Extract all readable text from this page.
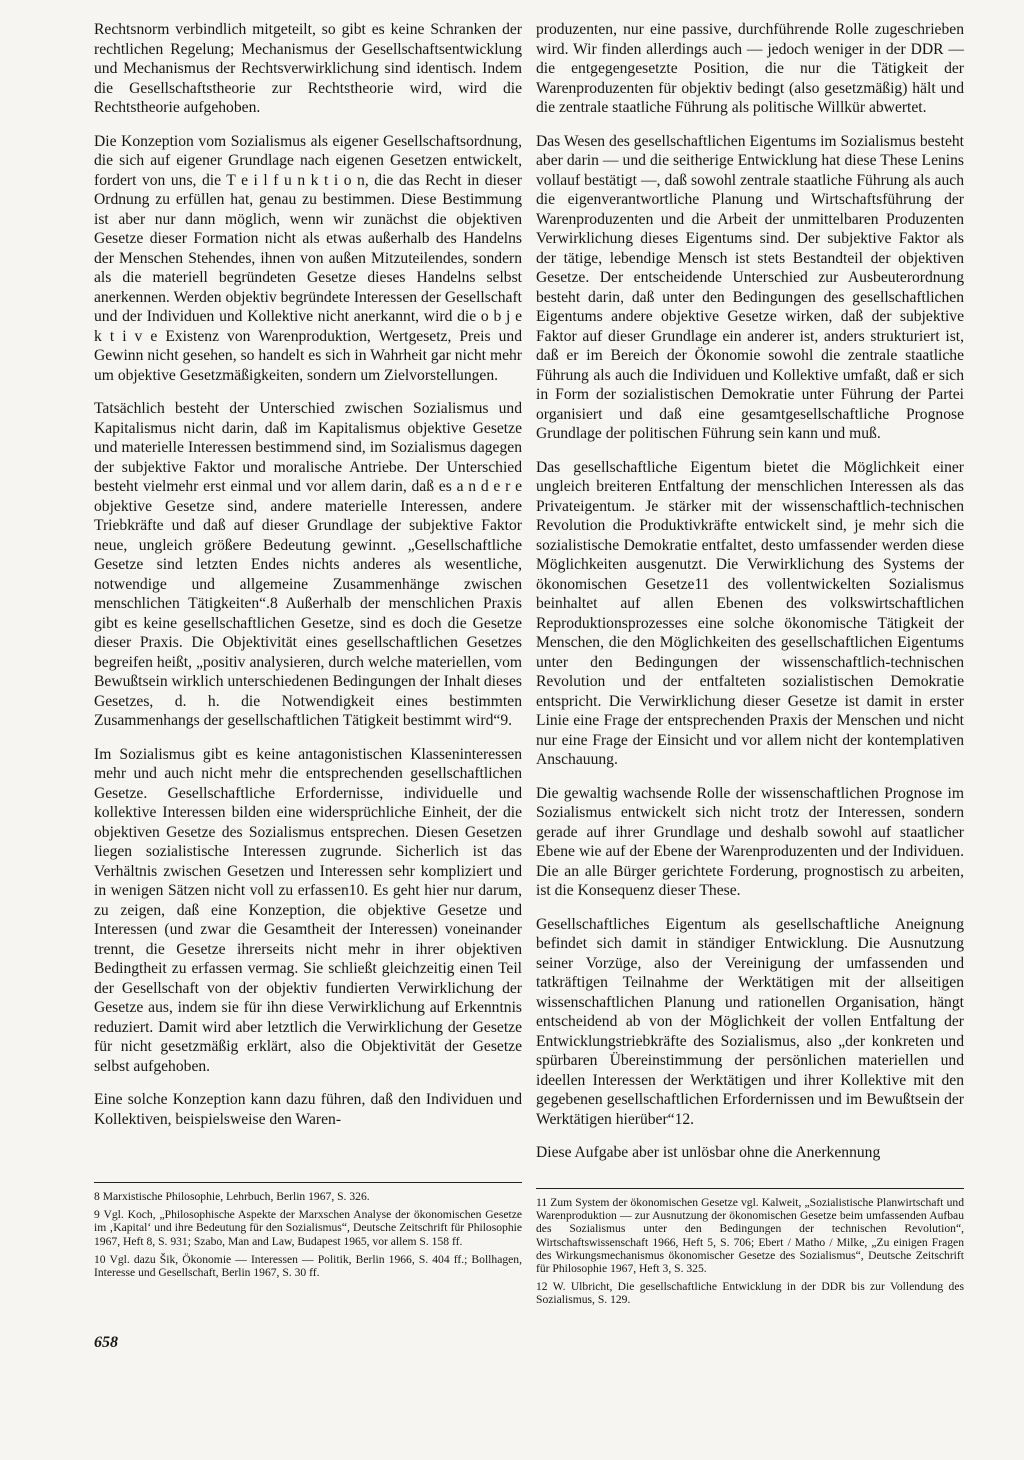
Rechtsnorm verbindlich mitgeteilt, so gibt es keine Schranken der rechtlichen Regelung; Mechanismus der Gesellschaftsentwicklung und Mechanismus der Rechtsverwirklichung sind identisch. Indem die Gesellschaftstheorie zur Rechtstheorie wird, wird die Rechtstheorie aufgehoben.

Die Konzeption vom Sozialismus als eigener Gesellschaftsordnung, die sich auf eigener Grundlage nach eigenen Gesetzen entwickelt, fordert von uns, die T e i l f u n k t i o n, die das Recht in dieser Ordnung zu erfüllen hat, genau zu bestimmen. Diese Bestimmung ist aber nur dann möglich, wenn wir zunächst die objektiven Gesetze dieser Formation nicht als etwas außerhalb des Handelns der Menschen Stehendes, ihnen von außen Mitzuteilendes, sondern als die materiell begründeten Gesetze dieses Handelns selbst anerkennen. Werden objektiv begründete Interessen der Gesellschaft und der Individuen und Kollektive nicht anerkannt, wird die o b j e k t i v e Existenz von Warenproduktion, Wertgesetz, Preis und Gewinn nicht gesehen, so handelt es sich in Wahrheit gar nicht mehr um objektive Gesetzmäßigkeiten, sondern um Zielvorstellungen.

Tatsächlich besteht der Unterschied zwischen Sozialismus und Kapitalismus nicht darin, daß im Kapitalismus objektive Gesetze und materielle Interessen bestimmend sind, im Sozialismus dagegen der subjektive Faktor und moralische Antriebe. Der Unterschied besteht vielmehr erst einmal und vor allem darin, daß es a n d e r e objektive Gesetze sind, andere materielle Interessen, andere Triebkräfte und daß auf dieser Grundlage der subjektive Faktor neue, ungleich größere Bedeutung gewinnt. „Gesellschaftliche Gesetze sind letzten Endes nichts anderes als wesentliche, notwendige und allgemeine Zusammenhänge zwischen menschlichen Tätigkeiten“.8 Außerhalb der menschlichen Praxis gibt es keine gesellschaftlichen Gesetze, sind es doch die Gesetze dieser Praxis. Die Objektivität eines gesellschaftlichen Gesetzes begreifen heißt, „positiv analysieren, durch welche materiellen, vom Bewußtsein wirklich unterschiedenen Bedingungen der Inhalt dieses Gesetzes, d. h. die Notwendigkeit eines bestimmten Zusammenhangs der gesellschaftlichen Tätigkeit bestimmt wird“9.

Im Sozialismus gibt es keine antagonistischen Klasseninteressen mehr und auch nicht mehr die entsprechenden gesellschaftlichen Gesetze. Gesellschaftliche Erfordernisse, individuelle und kollektive Interessen bilden eine widersprüchliche Einheit, der die objektiven Gesetze des Sozialismus entsprechen. Diesen Gesetzen liegen sozialistische Interessen zugrunde. Sicherlich ist das Verhältnis zwischen Gesetzen und Interessen sehr kompliziert und in wenigen Sätzen nicht voll zu erfassen10. Es geht hier nur darum, zu zeigen, daß eine Konzeption, die objektive Gesetze und Interessen (und zwar die Gesamtheit der Interessen) voneinander trennt, die Gesetze ihrerseits nicht mehr in ihrer objektiven Bedingtheit zu erfassen vermag. Sie schließt gleichzeitig einen Teil der Gesellschaft von der objektiv fundierten Verwirklichung der Gesetze aus, indem sie für ihn diese Verwirklichung auf Erkenntnis reduziert. Damit wird aber letztlich die Verwirklichung der Gesetze für nicht gesetzmäßig erklärt, also die Objektivität der Gesetze selbst aufgehoben.

Eine solche Konzeption kann dazu führen, daß den Individuen und Kollektiven, beispielsweise den Waren-

produzenten, nur eine passive, durchführende Rolle zugeschrieben wird. Wir finden allerdings auch — jedoch weniger in der DDR — die entgegengesetzte Position, die nur die Tätigkeit der Warenproduzenten für objektiv bedingt (also gesetzmäßig) hält und die zentrale staatliche Führung als politische Willkür abwertet.

Das Wesen des gesellschaftlichen Eigentums im Sozialismus besteht aber darin — und die seitherige Entwicklung hat diese These Lenins vollauf bestätigt —, daß sowohl zentrale staatliche Führung als auch die eigenverantwortliche Planung und Wirtschaftsführung der Warenproduzenten und die Arbeit der unmittelbaren Produzenten Verwirklichung dieses Eigentums sind. Der subjektive Faktor als der tätige, lebendige Mensch ist stets Bestandteil der objektiven Gesetze. Der entscheidende Unterschied zur Ausbeuterordnung besteht darin, daß unter den Bedingungen des gesellschaftlichen Eigentums andere objektive Gesetze wirken, daß der subjektive Faktor auf dieser Grundlage ein anderer ist, anders strukturiert ist, daß er im Bereich der Ökonomie sowohl die zentrale staatliche Führung als auch die Individuen und Kollektive umfaßt, daß er sich in Form der sozialistischen Demokratie unter Führung der Partei organisiert und daß eine gesamtgesellschaftliche Prognose Grundlage der politischen Führung sein kann und muß.

Das gesellschaftliche Eigentum bietet die Möglichkeit einer ungleich breiteren Entfaltung der menschlichen Interessen als das Privateigentum. Je stärker mit der wissenschaftlich-technischen Revolution die Produktivkräfte entwickelt sind, je mehr sich die sozialistische Demokratie entfaltet, desto umfassender werden diese Möglichkeiten ausgenutzt. Die Verwirklichung des Systems der ökonomischen Gesetze11 des vollentwickelten Sozialismus beinhaltet auf allen Ebenen des volkswirtschaftlichen Reproduktionsprozesses eine solche ökonomische Tätigkeit der Menschen, die den Möglichkeiten des gesellschaftlichen Eigentums unter den Bedingungen der wissenschaftlich-technischen Revolution und der entfalteten sozialistischen Demokratie entspricht. Die Verwirklichung dieser Gesetze ist damit in erster Linie eine Frage der entsprechenden Praxis der Menschen und nicht nur eine Frage der Einsicht und vor allem nicht der kontemplativen Anschauung.

Die gewaltig wachsende Rolle der wissenschaftlichen Prognose im Sozialismus entwickelt sich nicht trotz der Interessen, sondern gerade auf ihrer Grundlage und deshalb sowohl auf staatlicher Ebene wie auf der Ebene der Warenproduzenten und der Individuen. Die an alle Bürger gerichtete Forderung, prognostisch zu arbeiten, ist die Konsequenz dieser These.

Gesellschaftliches Eigentum als gesellschaftliche Aneignung befindet sich damit in ständiger Entwicklung. Die Ausnutzung seiner Vorzüge, also der Vereinigung der umfassenden und tatkräftigen Teilnahme der Werktätigen mit der allseitigen wissenschaftlichen Planung und rationellen Organisation, hängt entscheidend ab von der Möglichkeit der vollen Entfaltung der Entwicklungstriebkräfte des Sozialismus, also „der konkreten und spürbaren Übereinstimmung der persönlichen materiellen und ideellen Interessen der Werktätigen und ihrer Kollektive mit den gegebenen gesellschaftlichen Erfordernissen und im Bewußtsein der Werktätigen hierüber“12.

Diese Aufgabe aber ist unlösbar ohne die Anerkennung

8 Marxistische Philosophie, Lehrbuch, Berlin 1967, S. 326.

9 Vgl. Koch, „Philosophische Aspekte der Marxschen Analyse der ökonomischen Gesetze im ‚Kapital‘ und ihre Bedeutung für den Sozialismus“, Deutsche Zeitschrift für Philosophie 1967, Heft 8, S. 931; Szabo, Man and Law, Budapest 1965, vor allem S. 158 ff.

10 Vgl. dazu Šik, Ökonomie — Interessen — Politik, Berlin 1966, S. 404 ff.; Bollhagen, Interesse und Gesellschaft, Berlin 1967, S. 30 ff.

11 Zum System der ökonomischen Gesetze vgl. Kalweit, „Sozialistische Planwirtschaft und Warenproduktion — zur Ausnutzung der ökonomischen Gesetze beim umfassenden Aufbau des Sozialismus unter den Bedingungen der technischen Revolution“, Wirtschaftswissenschaft 1966, Heft 5, S. 706; Ebert / Matho / Milke, „Zu einigen Fragen des Wirkungsmechanismus ökonomischer Gesetze des Sozialismus“, Deutsche Zeitschrift für Philosophie 1967, Heft 3, S. 325.

12 W. Ulbricht, Die gesellschaftliche Entwicklung in der DDR bis zur Vollendung des Sozialismus, S. 129.

658
